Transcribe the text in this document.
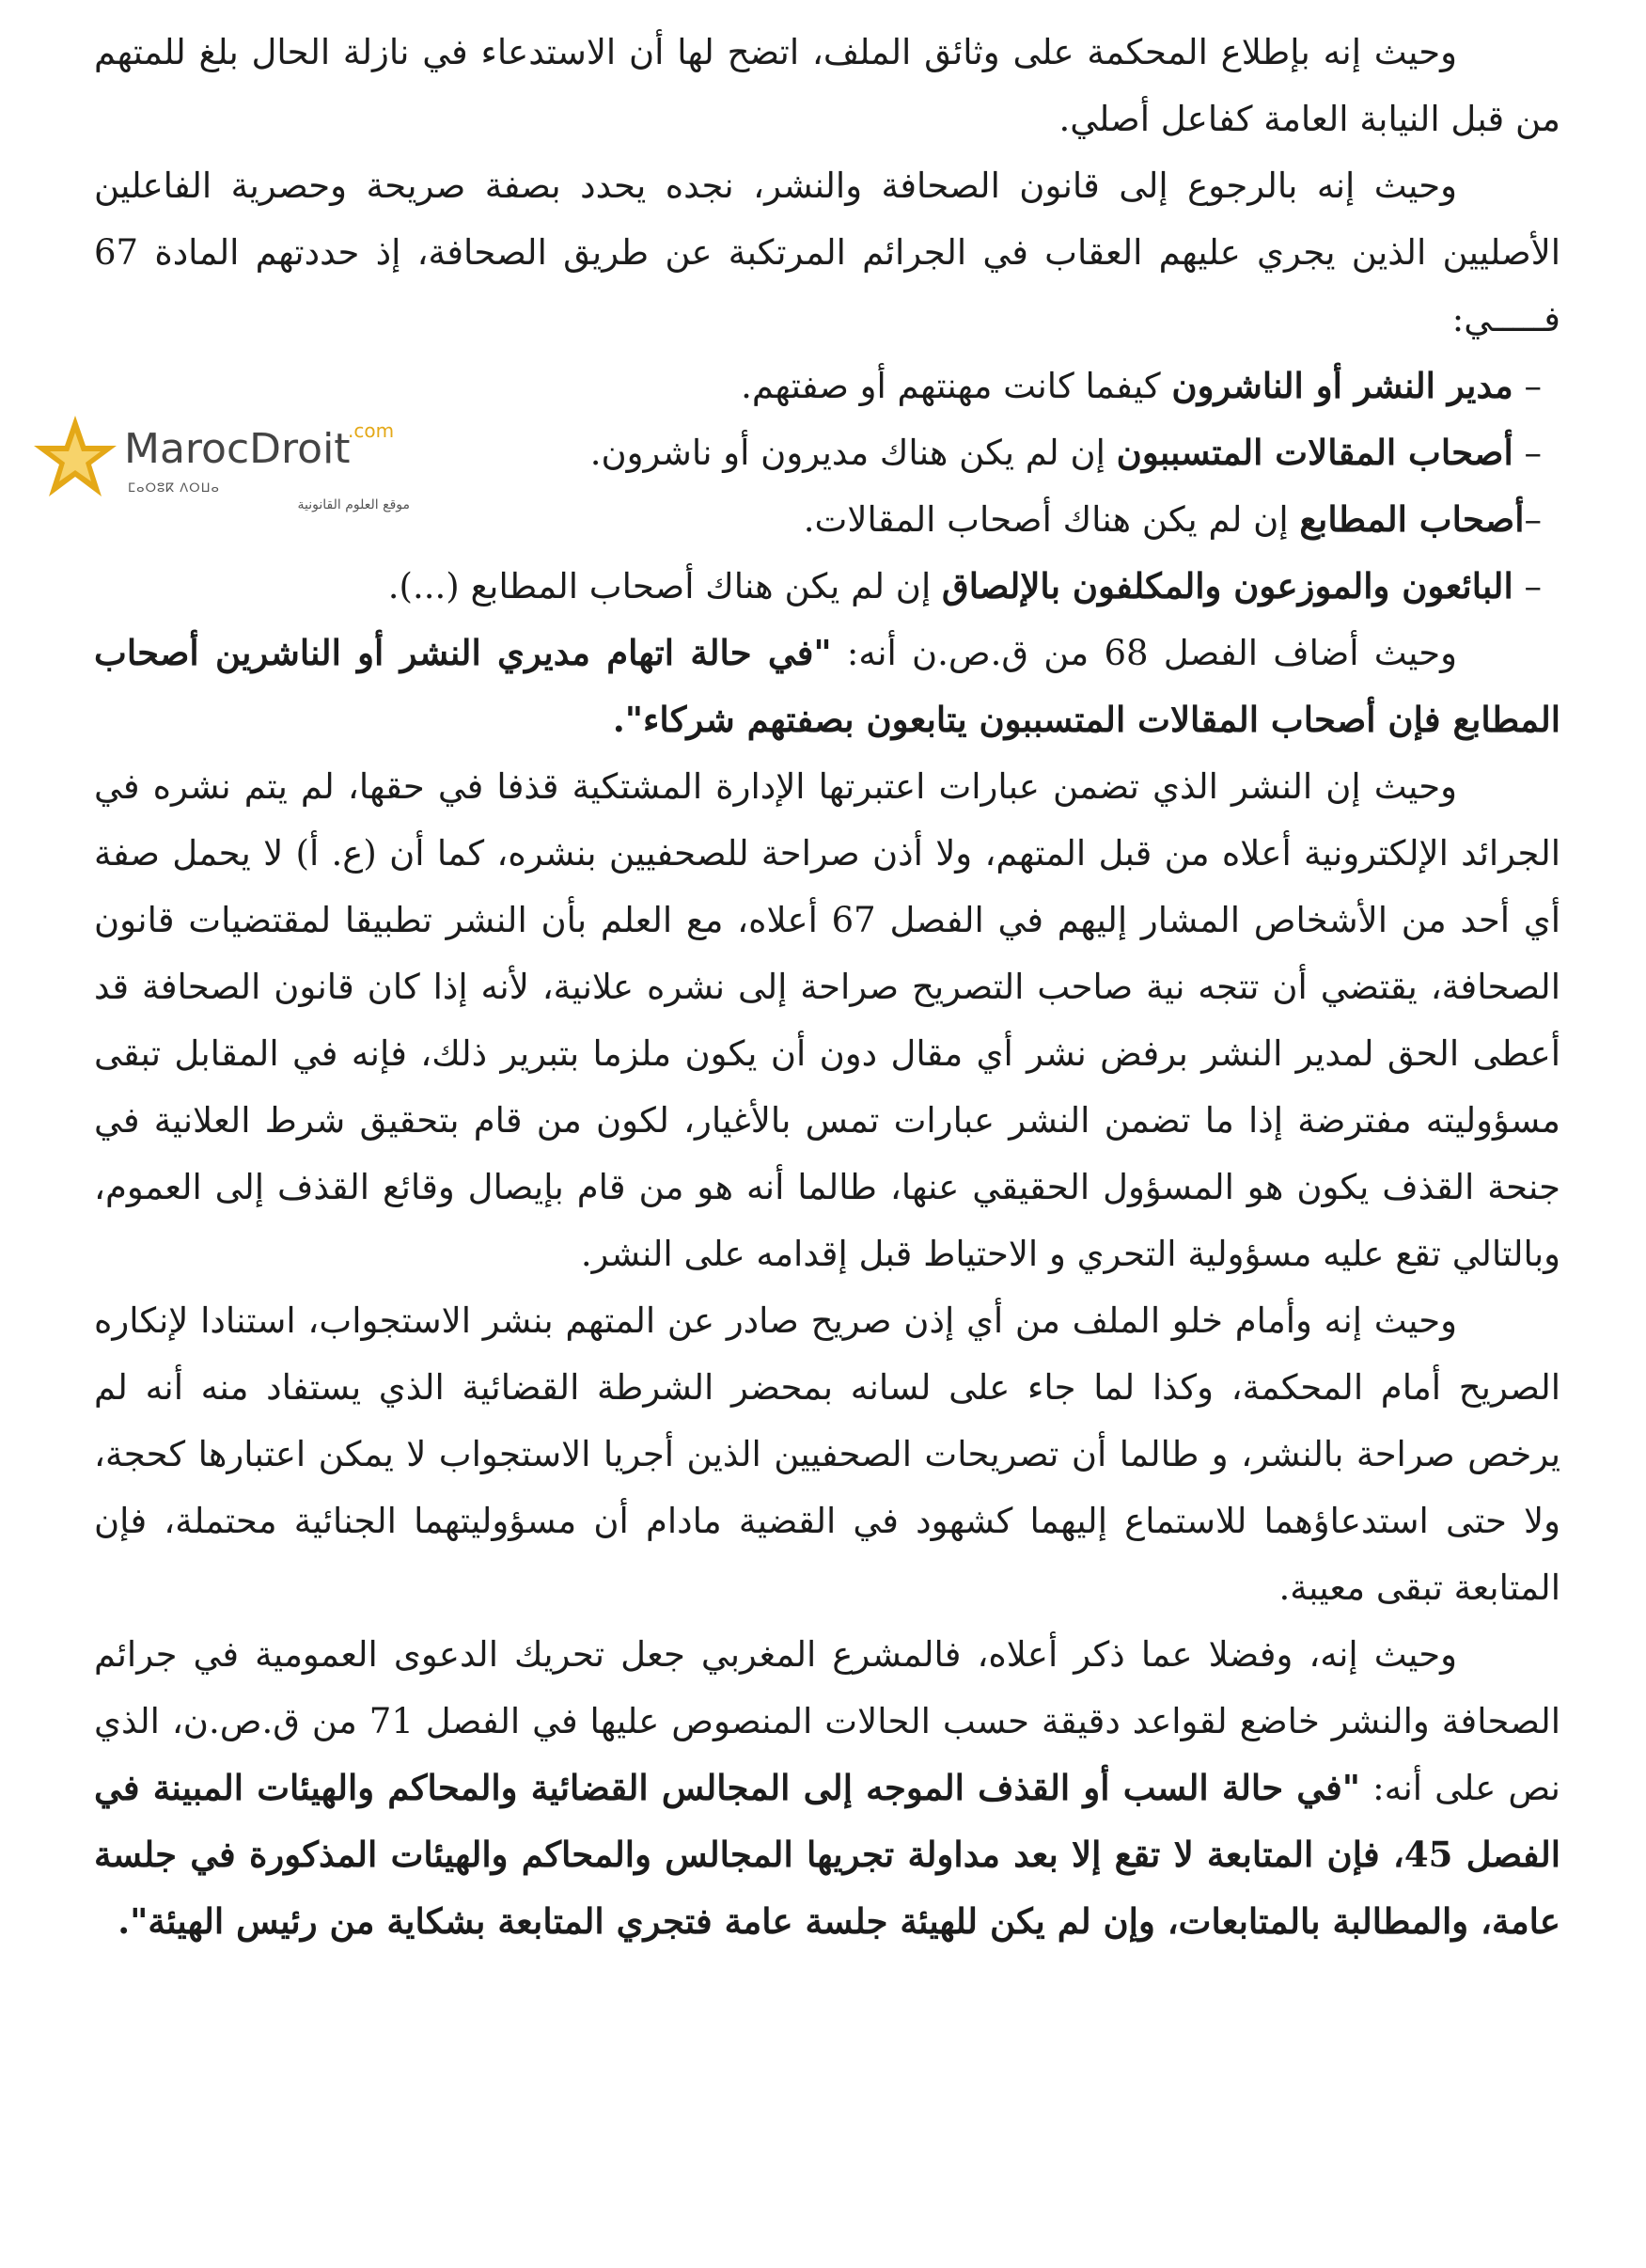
MarocDroit
.com
ⵎⴰⵔⵓⴽ ⴷⵔⵡⴰ
موقع العلوم القانونية

وحيث إنه بإطلاع المحكمة على وثائق الملف، اتضح لها أن الاستدعاء في نازلة الحال بلغ للمتهم من قبل النيابة العامة كفاعل أصلي.

وحيث إنه بالرجوع إلى قانون الصحافة والنشر، نجده يحدد بصفة صريحة وحصرية الفاعلين الأصليين الذين يجري عليهم العقاب في الجرائم المرتكبة عن طريق الصحافة، إذ حددتهم المادة 67 فـــــي:

– مدير النشر أو الناشرون كيفما كانت مهنتهم أو صفتهم.
– أصحاب المقالات المتسببون إن لم يكن هناك مديرون أو ناشرون.
–أصحاب المطابع إن لم يكن هناك أصحاب المقالات.
– البائعون والموزعون والمكلفون بالإلصاق إن لم يكن هناك أصحاب المطابع (...).

وحيث أضاف الفصل 68 من ق.ص.ن أنه: "في حالة اتهام مديري النشر أو الناشرين أصحاب المطابع فإن أصحاب المقالات المتسببون يتابعون بصفتهم شركاء".

وحيث إن النشر الذي تضمن عبارات اعتبرتها الإدارة المشتكية قذفا في حقها، لم يتم نشره في الجرائد الإلكترونية أعلاه من قبل المتهم، ولا أذن صراحة للصحفيين بنشره، كما أن (ع. أ) لا يحمل صفة أي أحد من الأشخاص المشار إليهم في الفصل 67 أعلاه، مع العلم بأن النشر تطبيقا لمقتضيات قانون الصحافة، يقتضي أن تتجه نية صاحب التصريح صراحة إلى نشره علانية، لأنه إذا كان قانون الصحافة قد أعطى الحق لمدير النشر برفض نشر أي مقال دون أن يكون ملزما بتبرير ذلك، فإنه في المقابل تبقى مسؤوليته مفترضة إذا ما تضمن النشر عبارات تمس بالأغيار، لكون من قام بتحقيق شرط العلانية في جنحة القذف يكون هو المسؤول الحقيقي عنها، طالما أنه هو من قام بإيصال وقائع القذف إلى العموم، وبالتالي تقع عليه مسؤولية التحري و الاحتياط قبل إقدامه على النشر.

وحيث إنه وأمام خلو الملف من أي إذن صريح صادر عن المتهم بنشر الاستجواب، استنادا لإنكاره الصريح أمام المحكمة، وكذا لما جاء على لسانه بمحضر الشرطة القضائية الذي يستفاد منه أنه لم يرخص صراحة بالنشر، و طالما أن تصريحات الصحفيين الذين أجريا الاستجواب لا يمكن اعتبارها كحجة، ولا حتى استدعاؤهما للاستماع إليهما كشهود في القضية مادام أن مسؤوليتهما الجنائية محتملة، فإن المتابعة تبقى معيبة.

وحيث إنه، وفضلا عما ذكر أعلاه، فالمشرع المغربي جعل تحريك الدعوى العمومية في جرائم الصحافة والنشر خاضع لقواعد دقيقة حسب الحالات المنصوص عليها في الفصل 71 من ق.ص.ن، الذي نص على أنه: "في حالة السب أو القذف الموجه إلى المجالس القضائية والمحاكم والهيئات المبينة في الفصل 45، فإن المتابعة لا تقع إلا بعد مداولة تجريها المجالس والمحاكم والهيئات المذكورة في جلسة عامة، والمطالبة بالمتابعات، وإن لم يكن للهيئة جلسة عامة فتجري المتابعة بشكاية من رئيس الهيئة".
